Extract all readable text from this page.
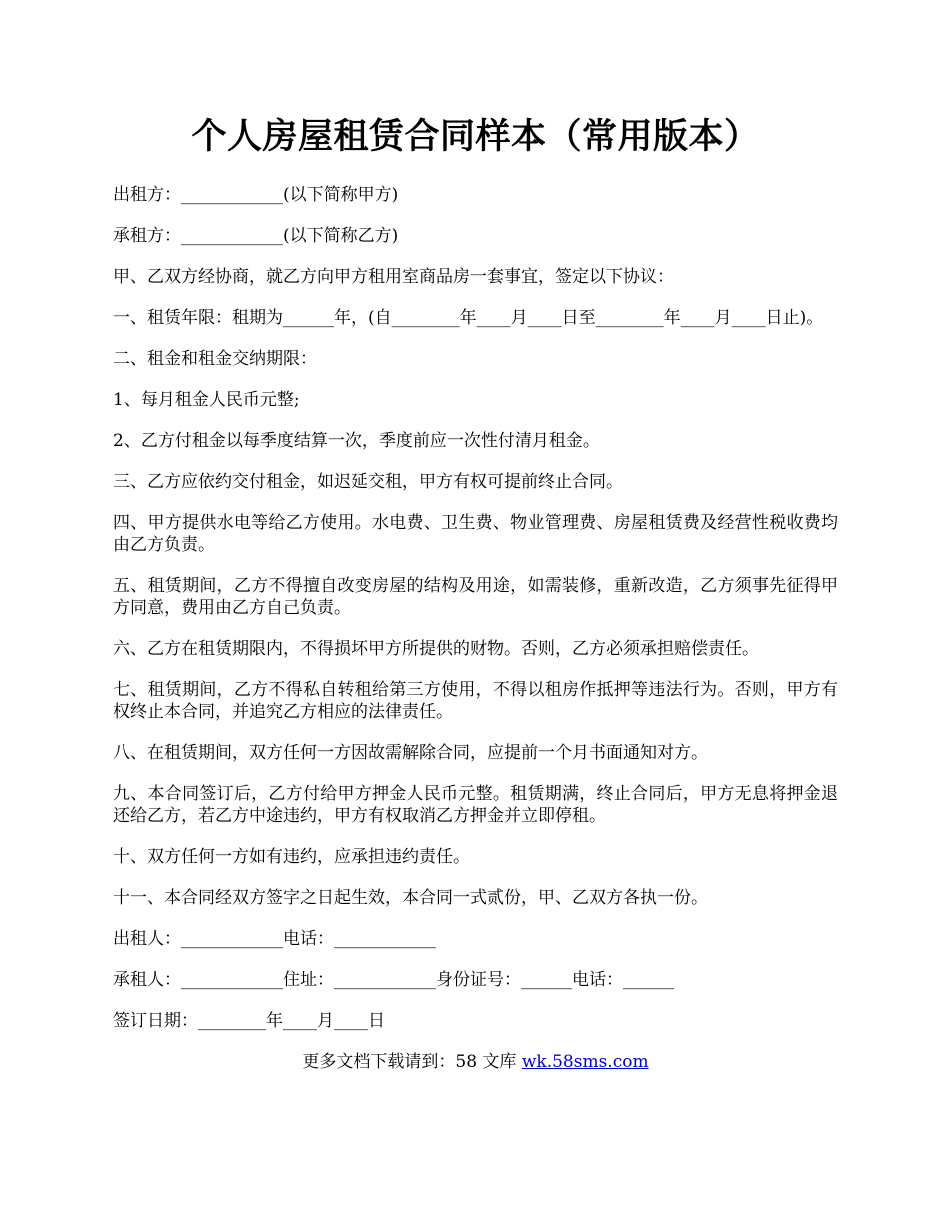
个人房屋租赁合同样本（常用版本）

出租方：____________(以下简称甲方)

承租方：____________(以下简称乙方)

甲、乙双方经协商，就乙方向甲方租用室商品房一套事宜，签定以下协议：

一、租赁年限：租期为______年，(自________年____月____日至________年____月____日止)。

二、租金和租金交纳期限：

1、每月租金人民币元整;

2、乙方付租金以每季度结算一次，季度前应一次性付清月租金。

三、乙方应依约交付租金，如迟延交租，甲方有权可提前终止合同。

四、甲方提供水电等给乙方使用。水电费、卫生费、物业管理费、房屋租赁费及经营性税收费均由乙方负责。

五、租赁期间，乙方不得擅自改变房屋的结构及用途，如需装修，重新改造，乙方须事先征得甲方同意，费用由乙方自己负责。

六、乙方在租赁期限内，不得损坏甲方所提供的财物。否则，乙方必须承担赔偿责任。

七、租赁期间，乙方不得私自转租给第三方使用，不得以租房作抵押等违法行为。否则，甲方有权终止本合同，并追究乙方相应的法律责任。

八、在租赁期间，双方任何一方因故需解除合同，应提前一个月书面通知对方。

九、本合同签订后，乙方付给甲方押金人民币元整。租赁期满，终止合同后，甲方无息将押金退还给乙方，若乙方中途违约，甲方有权取消乙方押金并立即停租。

十、双方任何一方如有违约，应承担违约责任。

十一、本合同经双方签字之日起生效，本合同一式贰份，甲、乙双方各执一份。

出租人：____________电话：____________

承租人：____________住址：____________身份证号：______电话：______

签订日期：________年____月____日

更多文档下载请到：58 文库 wk.58sms.com
